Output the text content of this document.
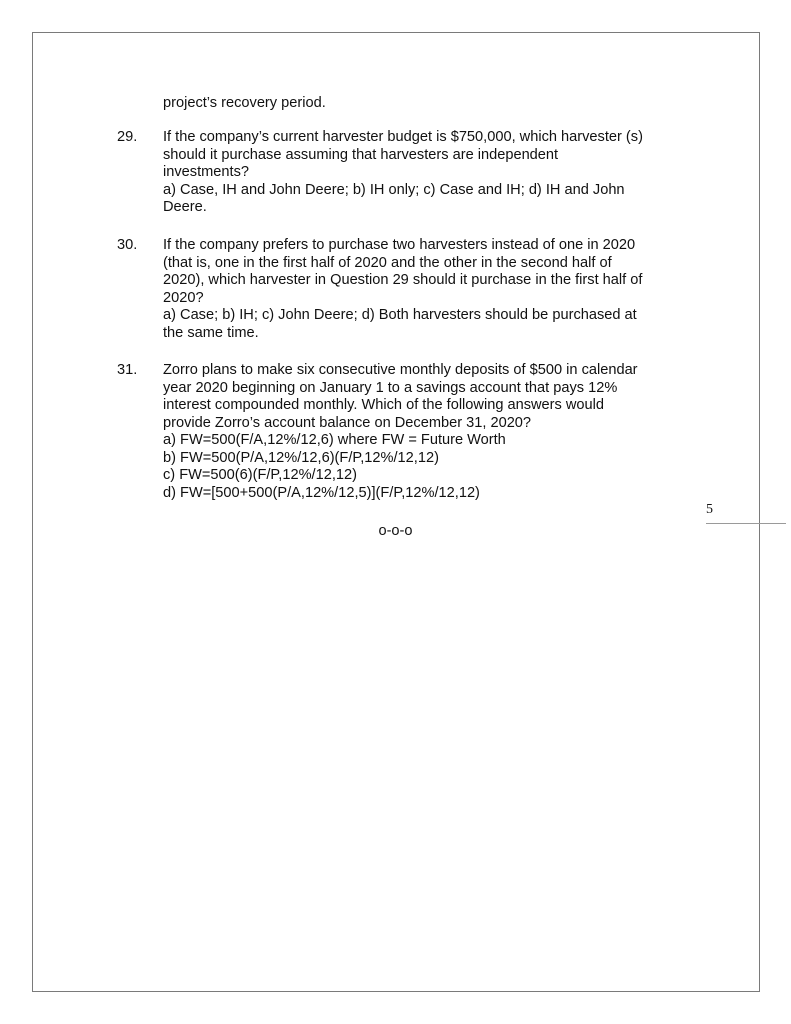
project’s recovery period.
29. If the company’s current harvester budget is $750,000, which harvester (s)
should it purchase assuming that harvesters are independent
investments?
a) Case, IH and John Deere; b) IH only; c) Case and IH; d) IH and John
Deere.
30. If the company prefers to purchase two harvesters instead of one in 2020
(that is, one in the first half of 2020 and the other in the second half of
2020), which harvester in Question 29 should it purchase in the first half of
2020?
a) Case; b) IH; c) John Deere; d) Both harvesters should be purchased at
the same time.
31. Zorro plans to make six consecutive monthly deposits of $500 in calendar
year 2020 beginning on January 1 to a savings account that pays 12%
interest compounded monthly. Which of the following answers would
provide Zorro’s account balance on December 31, 2020?
a) FW=500(F/A,12%/12,6) where FW = Future Worth
b) FW=500(P/A,12%/12,6)(F/P,12%/12,12)
c) FW=500(6)(F/P,12%/12,12)
d) FW=[500+500(P/A,12%/12,5)](F/P,12%/12,12)
o-o-o
5
